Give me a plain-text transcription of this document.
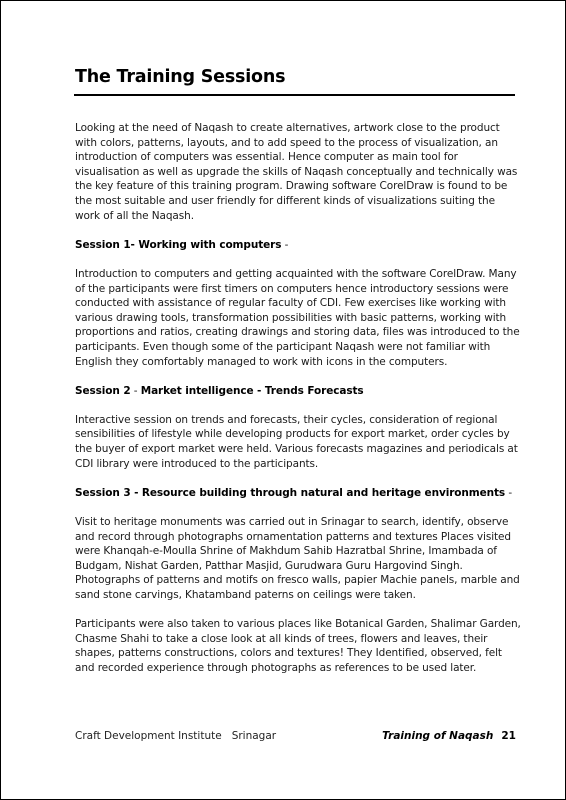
The Training Sessions

Looking at the need of Naqash to create alternatives, artwork close to the product with colors, patterns, layouts, and to add speed to the process of visualization, an introduction of computers was essential. Hence computer as main tool for visualisation as well as upgrade the skills of Naqash conceptually and technically was the key feature of this training program. Drawing software CorelDraw is found to be the most suitable and user friendly for different kinds of visualizations suiting the work of all the Naqash.

Session 1- Working with computers -

Introduction to computers and getting acquainted with the software CorelDraw. Many of the participants were first timers on computers hence introductory sessions were conducted with assistance of regular faculty of CDI. Few exercises like working with various drawing tools, transformation possibilities with basic patterns, working with proportions and ratios, creating drawings and storing data, files was introduced to the participants. Even though some of the participant Naqash were not familiar with English they comfortably managed to work with icons in the computers.

Session 2 - Market intelligence - Trends Forecasts

Interactive session on trends and forecasts, their cycles, consideration of regional sensibilities of lifestyle while developing products for export market, order cycles by the buyer of export market were held. Various forecasts magazines and periodicals at CDI library were introduced to the participants.

Session 3 - Resource building through natural and heritage environments -

Visit to heritage monuments was carried out in Srinagar to search, identify, observe and record through photographs ornamentation patterns and textures Places visited were Khanqah-e-Moulla Shrine of Makhdum Sahib Hazratbal Shrine, Imambada of Budgam, Nishat Garden, Patthar Masjid, Gurudwara Guru Hargovind Singh. Photographs of patterns and motifs on fresco walls, papier Machie panels, marble and sand stone carvings, Khatamband paterns on ceilings were taken.

Participants were also taken to various places like Botanical Garden, Shalimar Garden, Chasme Shahi to take a close look at all kinds of trees, flowers and leaves, their shapes, patterns constructions, colors and textures! They Identified, observed, felt and recorded experience through photographs as references to be used later.

Craft Development Institute   Srinagar	Training of Naqash 21
